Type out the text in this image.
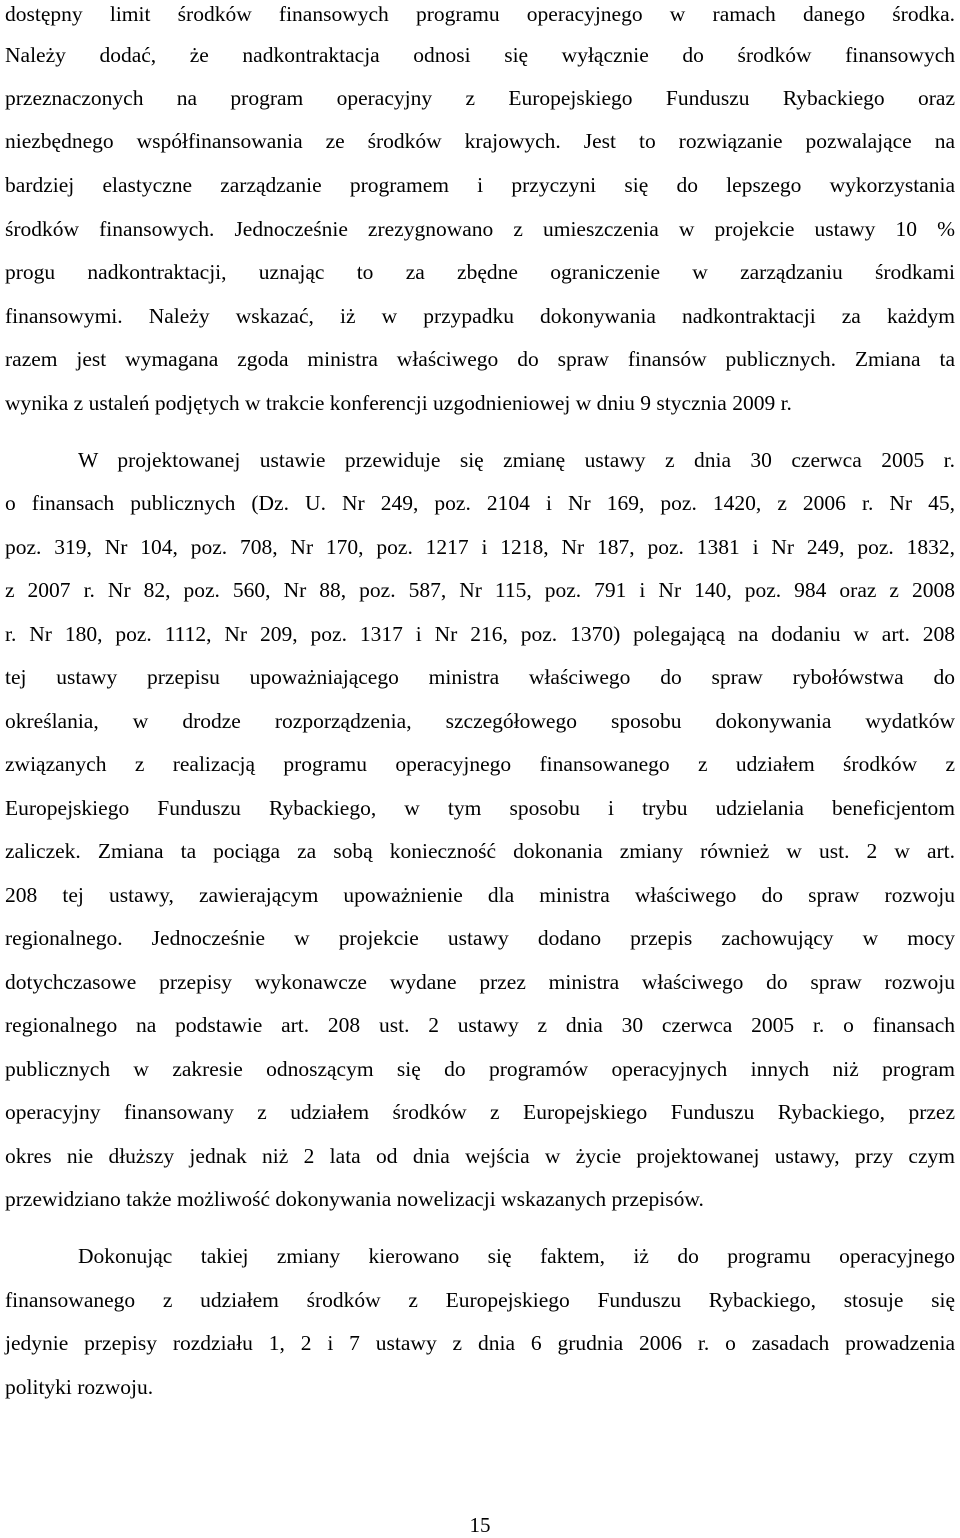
dostępny limit środków finansowych programu operacyjnego w ramach danego środka.
Należy dodać, że nadkontraktacja odnosi się wyłącznie do środków finansowych
przeznaczonych na program operacyjny z Europejskiego Funduszu Rybackiego oraz
niezbędnego współfinansowania ze środków krajowych. Jest to rozwiązanie pozwalające na
bardziej elastyczne zarządzanie programem i przyczyni się do lepszego wykorzystania
środków finansowych. Jednocześnie zrezygnowano z umieszczenia w projekcie ustawy 10 %
progu nadkontraktacji, uznając to za zbędne ograniczenie w zarządzaniu środkami
finansowymi. Należy wskazać, iż w przypadku dokonywania nadkontraktacji za każdym
razem jest wymagana zgoda ministra właściwego do spraw finansów publicznych. Zmiana ta
wynika z ustaleń podjętych w trakcie konferencji uzgodnieniowej w dniu 9 stycznia 2009 r.
W projektowanej ustawie przewiduje się zmianę ustawy z dnia 30 czerwca 2005 r.
o finansach publicznych (Dz. U. Nr 249, poz. 2104 i Nr 169, poz. 1420, z 2006 r. Nr 45,
poz. 319, Nr 104, poz. 708, Nr 170, poz. 1217 i 1218, Nr 187, poz. 1381 i Nr 249, poz. 1832,
z 2007 r. Nr 82, poz. 560, Nr 88, poz. 587, Nr 115, poz. 791 i Nr 140, poz. 984 oraz z 2008
r. Nr 180, poz. 1112, Nr 209, poz. 1317 i Nr 216, poz. 1370) polegającą na dodaniu w art. 208
tej ustawy przepisu upoważniającego ministra właściwego do spraw rybołówstwa do
określania, w drodze rozporządzenia, szczegółowego sposobu dokonywania wydatków
związanych z realizacją programu operacyjnego finansowanego z udziałem środków z
Europejskiego Funduszu Rybackiego, w tym sposobu i trybu udzielania beneficjentom
zaliczek. Zmiana ta pociąga za sobą konieczność dokonania zmiany również w ust. 2 w art.
208 tej ustawy, zawierającym upoważnienie dla ministra właściwego do spraw rozwoju
regionalnego. Jednocześnie w projekcie ustawy dodano przepis zachowujący w mocy
dotychczasowe przepisy wykonawcze wydane przez ministra właściwego do spraw rozwoju
regionalnego na podstawie art. 208 ust. 2 ustawy z dnia 30 czerwca 2005 r. o finansach
publicznych w zakresie odnoszącym się do programów operacyjnych innych niż program
operacyjny finansowany z udziałem środków z Europejskiego Funduszu Rybackiego, przez
okres nie dłuższy jednak niż 2 lata od dnia wejścia w życie projektowanej ustawy, przy czym
przewidziano także możliwość dokonywania nowelizacji wskazanych przepisów.
Dokonując takiej zmiany kierowano się faktem, iż do programu operacyjnego
finansowanego z udziałem środków z Europejskiego Funduszu Rybackiego, stosuje się
jedynie przepisy rozdziału 1, 2 i 7 ustawy z dnia 6 grudnia 2006 r. o zasadach prowadzenia
polityki rozwoju.
15
